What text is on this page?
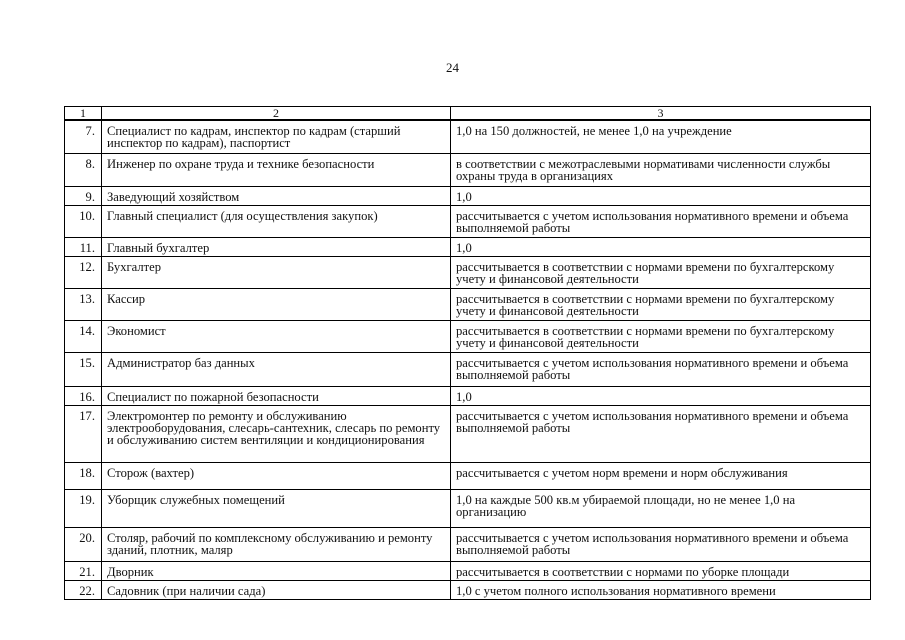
24
1	2	3
7.	Специалист по кадрам, инспектор по кадрам (старший инспектор по кадрам), паспортист	1,0 на 150 должностей, не менее 1,0 на учреждение
8.	Инженер по охране труда и технике безопасности	в соответствии с межотраслевыми нормативами численности службы охраны труда в организациях
9.	Заведующий хозяйством	1,0
10.	Главный специалист (для осуществления закупок)	рассчитывается с учетом использования нормативного времени и объема выполняемой работы
11.	Главный бухгалтер	1,0
12.	Бухгалтер	рассчитывается в соответствии с нормами времени по бухгалтерскому учету и финансовой деятельности
13.	Кассир	рассчитывается в соответствии с нормами времени по бухгалтерскому учету и финансовой деятельности
14.	Экономист	рассчитывается в соответствии с нормами времени по бухгалтерскому учету и финансовой деятельности
15.	Администратор баз данных	рассчитывается с учетом использования нормативного времени и объема выполняемой работы
16.	Специалист по пожарной безопасности	1,0
17.	Электромонтер по ремонту и обслуживанию электрооборудования, слесарь-сантехник, слесарь по ремонту и обслуживанию систем вентиляции и кондиционирования	рассчитывается с учетом использования нормативного времени и объема выполняемой работы
18.	Сторож (вахтер)	рассчитывается с учетом норм времени и норм обслуживания
19.	Уборщик служебных помещений	1,0 на каждые 500 кв.м убираемой площади, но не менее 1,0 на организацию
20.	Столяр, рабочий по комплексному обслуживанию и ремонту зданий, плотник, маляр	рассчитывается с учетом использования нормативного времени и объема выполняемой работы
21.	Дворник	рассчитывается в соответствии с нормами по уборке площади
22.	Садовник (при наличии сада)	1,0 с учетом полного использования нормативного времени
